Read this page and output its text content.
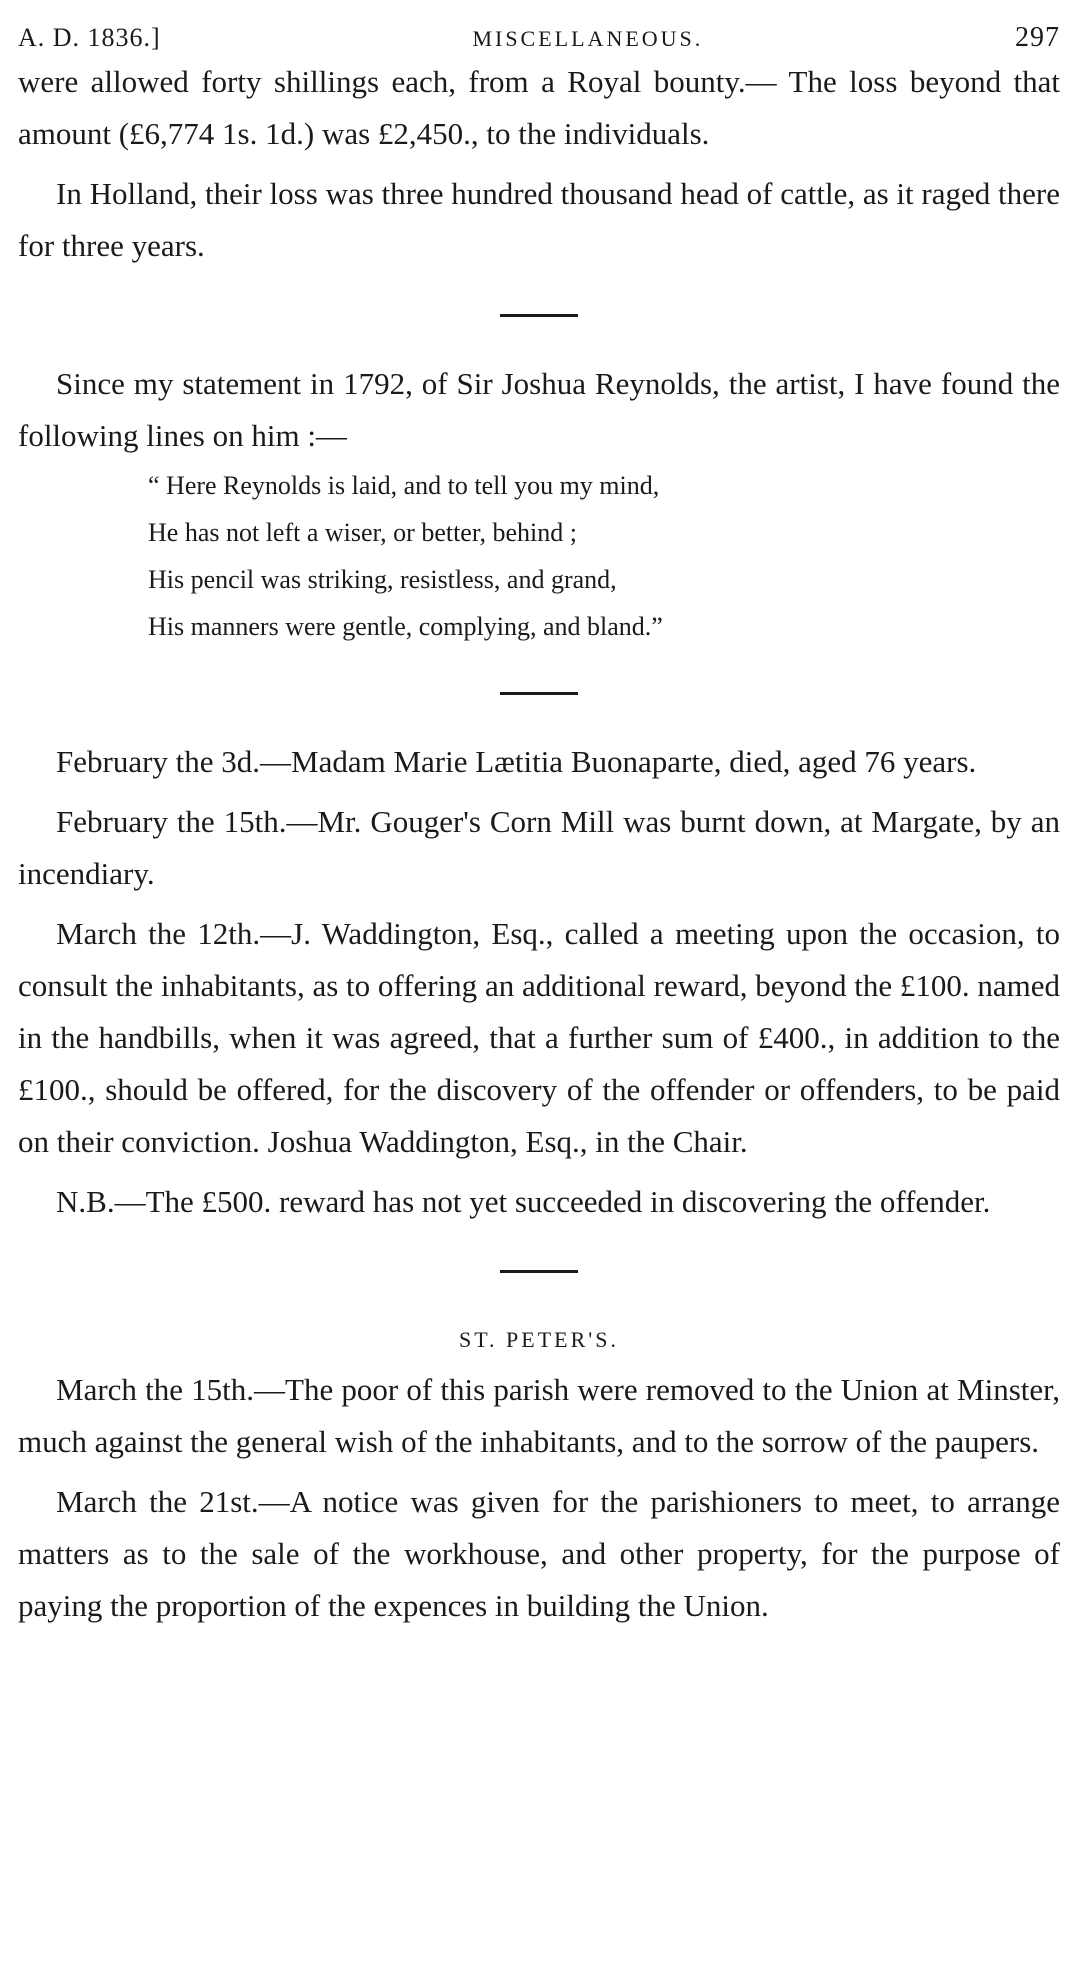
A. D. 1836.]	MISCELLANEOUS.	297

were allowed forty shillings each, from a Royal bounty.— The loss beyond that amount (£6,774 1s. 1d.) was £2,450., to the individuals.

In Holland, their loss was three hundred thousand head of cattle, as it raged there for three years.

Since my statement in 1792, of Sir Joshua Reynolds, the artist, I have found the following lines on him :—

“ Here Reynolds is laid, and to tell you my mind,
He has not left a wiser, or better, behind ;
His pencil was striking, resistless, and grand,
His manners were gentle, complying, and bland.”

February the 3d.—Madam Marie Lætitia Buonaparte, died, aged 76 years.

February the 15th.—Mr. Gouger's Corn Mill was burnt down, at Margate, by an incendiary.

March the 12th.—J. Waddington, Esq., called a meeting upon the occasion, to consult the inhabitants, as to offering an additional reward, beyond the £100. named in the handbills, when it was agreed, that a further sum of £400., in addition to the £100., should be offered, for the discovery of the offender or offenders, to be paid on their conviction. Joshua Waddington, Esq., in the Chair.

N.B.—The £500. reward has not yet succeeded in discovering the offender.

ST. PETER'S.

March the 15th.—The poor of this parish were removed to the Union at Minster, much against the general wish of the inhabitants, and to the sorrow of the paupers.

March the 21st.—A notice was given for the parishioners to meet, to arrange matters as to the sale of the workhouse, and other property, for the purpose of paying the proportion of the expences in building the Union.
